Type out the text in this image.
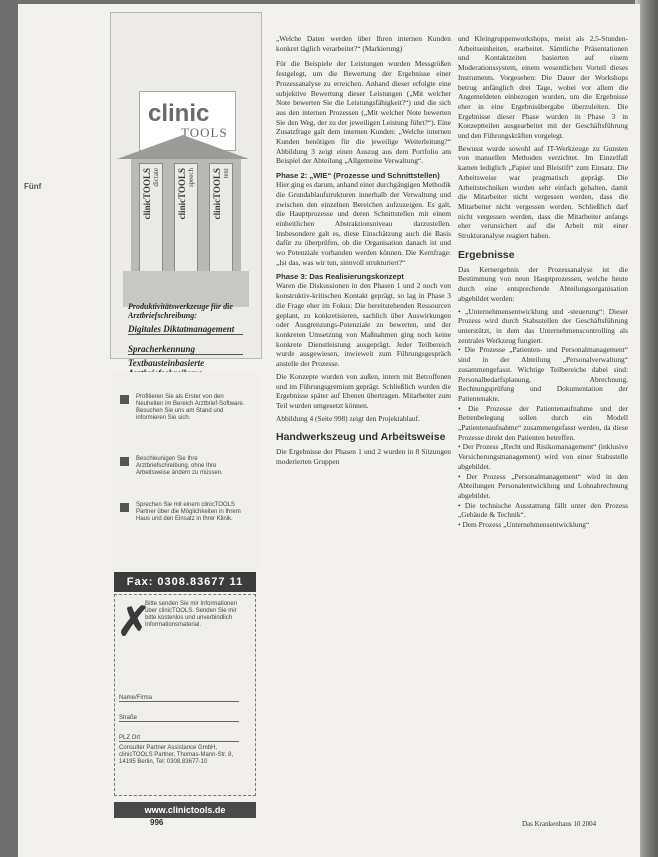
Fünf
clinic
TOOLS
clinicTOOLS dictate clinicTOOLS speech clinicTOOLS text
Produktivitätswerkzeuge für die Arztbriefschreibung:
Digitales Diktatmanagement
Spracherkennung
Textbausteinbasierte
Profitieren Sie als Erster von den Neuheiten im Bereich Arztbrief-Software. Besuchen Sie uns am Stand und informieren Sie sich.
Beschleunigen Sie Ihre Arztbriefschreibung, ohne Ihre Arbeitsweise ändern zu müssen.
Sprechen Sie mit einem clinicTOOLS Partner über die Möglichkeiten in Ihrem Haus und den Einsatz in Ihrer Klinik.
Fax: 0308.83677 11
✗
Bitte senden Sie mir Informationen über clinicTOOLS. Senden Sie mir bitte kostenlos und unverbindlich Informationsmaterial.
Name/Firma
Straße
PLZ Ort
Consulter Partner Assistance GmbH, clinicTOOLS Partner, Thomas-Mann-Str. 8, 14195 Berlin, Tel: 0308.83677-10
www.clinictools.de

„Welche Daten werden über Ihren internen Kunden konkret täglich verarbeitet?“ (Markierung)

Für die Beispiele der Leistungen wurden Messgrößen festgelegt, um die Bewertung der Ergebnisse einer Prozessanalyse zu erreichen. Anhand dieser erfolgte eine subjektive Bewertung dieser Leistungen („Mit welcher Note bewerten Sie die Leistungsfähigkeit?“) und die sich aus den internen Prozessen („Mit welcher Note bewerten Sie den Weg, der zu der jeweiligen Leistung führt?“). Eine Zusatzfrage galt dem internen Kunden: „Welche internen Kunden benötigen für die jeweilige Weiterleitung?“ Abbildung 3 zeigt einen Auszug aus dem Portfolio am Beispiel der Abteilung „Allgemeine Verwaltung“.

Phase 2: „WIE“ (Prozesse und Schnittstellen)

Hier ging es darum, anhand einer durchgängigen Methodik die Grundablaufstrukturen innerhalb der Verwaltung und zwischen den einzelnen Bereichen aufzuzeigen. Es galt, die Hauptprozesse und deren Schnittstellen mit einem einheitlichen Abstraktionsniveau darzustellen. Insbesondere galt es, diese Einschätzung auch die Basis dafür zu überprüfen, ob die Organisation danach ist und wo Potenziale vorhanden werden können. Die Kernfrage: „Ist das, was wir tun, sinnvoll strukturiert?“

Phase 3: Das Realisierungskonzept

Waren die Diskussionen in den Phasen 1 und 2 noch von konstruktiv-kritischen Kontakt geprägt, so lag in Phase 3 die Frage eher im Fokus: Die bereitstehenden Ressourcen geplant, zu konkretisieren, sachlich über Auswirkungen oder Ausgrenzungs-Potenziale zu bewerten, und der konkreten Umsetzung von Maßnahmen ging noch keine konkrete Dienstleistung ausgeprägt. Jeder Teilbereich wurde ausgewiesen, inwieweit zum Führungsgespräch anstelle der Prozesse.

Die Konzepte wurden von außen, intern mit Betroffenen und im Führungsgremium geprägt. Schließlich wurden die Ergebnisse später auf Ebenen übertragen. Mitarbeiter zum Teil wurden umgesetzt können.

Abbildung 4 (Seite 998) zeigt den Projektablauf.

Handwerkszeug und Arbeitsweise

Die Ergebnisse der Phasen 1 und 2 wurden in 8 Sitzungen moderierten Gruppen

und Kleingruppenworkshops, meist als 2,5-Stunden-Arbeitseinheiten, erarbeitet. Sämtliche Präsentationen und Kontaktzeiten basierten auf einem Moderationssystem, einem wesentlichen Vorteil dieses Instruments. Vorgesehen: Die Dauer der Workshops betrug anfänglich drei Tage, wobei vor allem die Angemeldeten einbezogen wurden, um die Ergebnisse eher in eine Ergebnisübergabe überzuleiten. Die Ergebnisse dieser Phase wurden in Phase 3 in Konzeptteilen ausgearbeitet mit der Geschäftsführung und den Führungskräften vorgelegt.

Bewusst wurde sowohl auf IT-Werkzeuge zu Gunsten von manuellen Methoden verzichtet. Im Einzelfall kamen lediglich „Papier und Bleistift“ zum Einsatz. Die Arbeitsweise war pragmatisch geprägt. Die Arbeitstechniken wurden sehr einfach gehalten, damit die Mitarbeiter nicht vergessen werden, dass die Mitarbeiter nicht vergessen werden. Schließlich darf nicht vergessen werden, dass die Mitarbeiter anfangs eher verunsichert auf die Arbeit mit einer Strukturanalyse reagiert haben.

Ergebnisse

Das Kernergebnis der Prozessanalyse ist die Bestimmung von neun Hauptprozessen, welche heute durch eine entsprechende Abteilungsorganisation abgebildet werden:

• „Unternehmensentwicklung und -steuerung“: Dieser Prozess wird durch Stabsstellen der Geschäftsführung unterstützt, in dem das Unternehmenscontrolling als zentrales Werkzeug fungiert.

• Die Prozesse „Patienten- und Personalmanagement“ sind in der Abteilung „Personalverwaltung“ zusammengefasst. Wichtige Teilbereiche dabei sind: Personalbedarfsplanung, Abrechnung, Rechnungsprüfung und Dokumentation der Patientenakte.

• Die Prozesse der Patientenaufnahme und der Bettenbelegung sollen durch ein Modell „Patientenaufnahme“ zusammengefasst werden, da diese Prozesse direkt den Patienten betreffen.

• Der Prozess „Recht und Risikomanagement“ (inklusive Versicherungsmanagement) wird von einer Stabsstelle abgebildet.

• Der Prozess „Personalmanagement“ wird in den Abteilungen Personalentwicklung und Lohnabrechnung abgebildet.

• Die technische Ausstattung fällt unter den Prozess „Gebäude & Technik“.

• Dem Prozess „Unternehmensentwicklung“

996	Das Krankenhaus 10 2004
